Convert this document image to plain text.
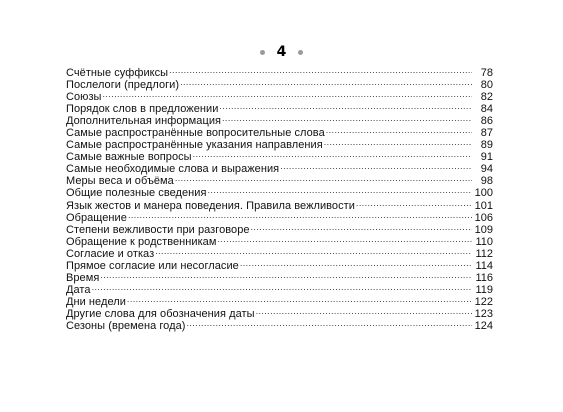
4
Счётные суффиксы .....	78
Послелоги (предлоги) .....	80
Союзы .....	82
Порядок слов в предложении .....	84
Дополнительная информация .....	86
Самые распространённые вопросительные слова .....	87
Самые распространённые указания направления .....	89
Самые важные вопросы .....	91
Самые необходимые слова и выражения .....	94
Меры веса и объёма .....	98
Общие полезные сведения .....	100
Язык жестов и манера поведения. Правила вежливости .....	101
Обращение .....	106
Степени вежливости при разговоре .....	109
Обращение к родственникам .....	110
Согласие и отказ .....	112
Прямое согласие или несогласие .....	114
Время .....	116
Дата .....	119
Дни недели .....	122
Другие слова для обозначения даты .....	123
Сезоны (времена года) .....	124
